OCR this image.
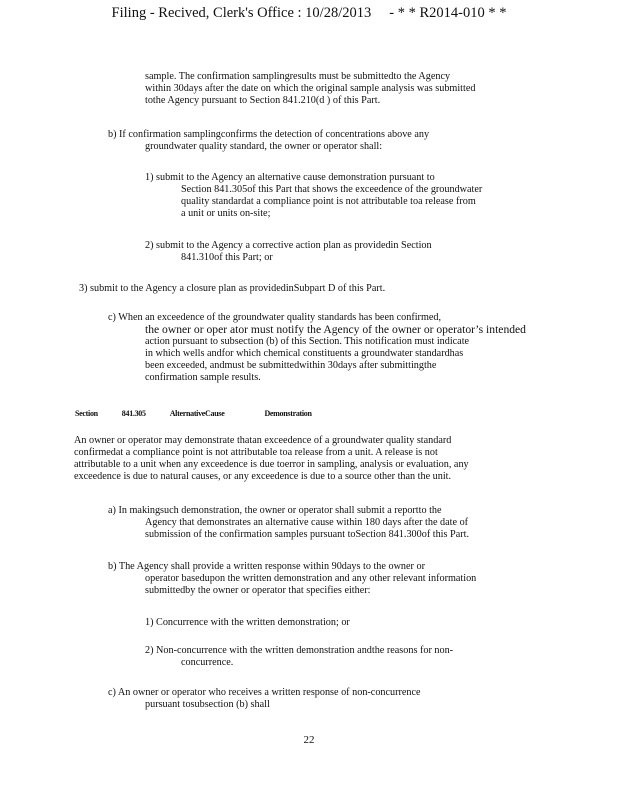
Filing - Recived, Clerk's Office : 10/28/2013 - * * R2014-010 * *
sample. The confirmation samplingresults must be submittedto the Agency
within 30days after the date on which the original sample analysis was submitted
tothe Agency pursuant to Section 841.210(d ) of this Part.
b) If confirmation samplingconfirms the detection of concentrations above any
groundwater quality standard, the owner or operator shall:
1) submit to the Agency an alternative cause demonstration pursuant to
Section 841.305of this Part that shows the exceedence of the groundwater
quality standardat a compliance point is not attributable toa release from
a unit or units on-site;
2) submit to the Agency a corrective action plan as providedin Section
841.310of this Part; or
3) submit to the Agency a closure plan as providedinSubpart D of this Part.
c) When an exceedence of the groundwater quality standards has been confirmed,
the owner or oper ator must notify the Agency of the owner or operator’s intended
action pursuant to subsection (b) of this Section. This notification must indicate
in which wells andfor which chemical constituents a groundwater standardhas
been exceeded, andmust be submittedwithin 30days after submittingthe
confirmation sample results.
Section	841.305	AlternativeCause	Demonstration
An owner or operator may demonstrate thatan exceedence of a groundwater quality standard
confirmedat a compliance point is not attributable toa release from a unit. A release is not
attributable to a unit when any exceedence is due toerror in sampling, analysis or evaluation, any
exceedence is due to natural causes, or any exceedence is due to a source other than the unit.
a) In makingsuch demonstration, the owner or operator shall submit a reportto the
Agency that demonstrates an alternative cause within 180 days after the date of
submission of the confirmation samples pursuant toSection 841.300of this Part.
b) The Agency shall provide a written response within 90days to the owner or
operator basedupon the written demonstration and any other relevant information
submittedby the owner or operator that specifies either:
1) Concurrence with the written demonstration; or
2) Non-concurrence with the written demonstration andthe reasons for non-
concurrence.
c) An owner or operator who receives a written response of non-concurrence
pursuant tosubsection (b) shall
22
